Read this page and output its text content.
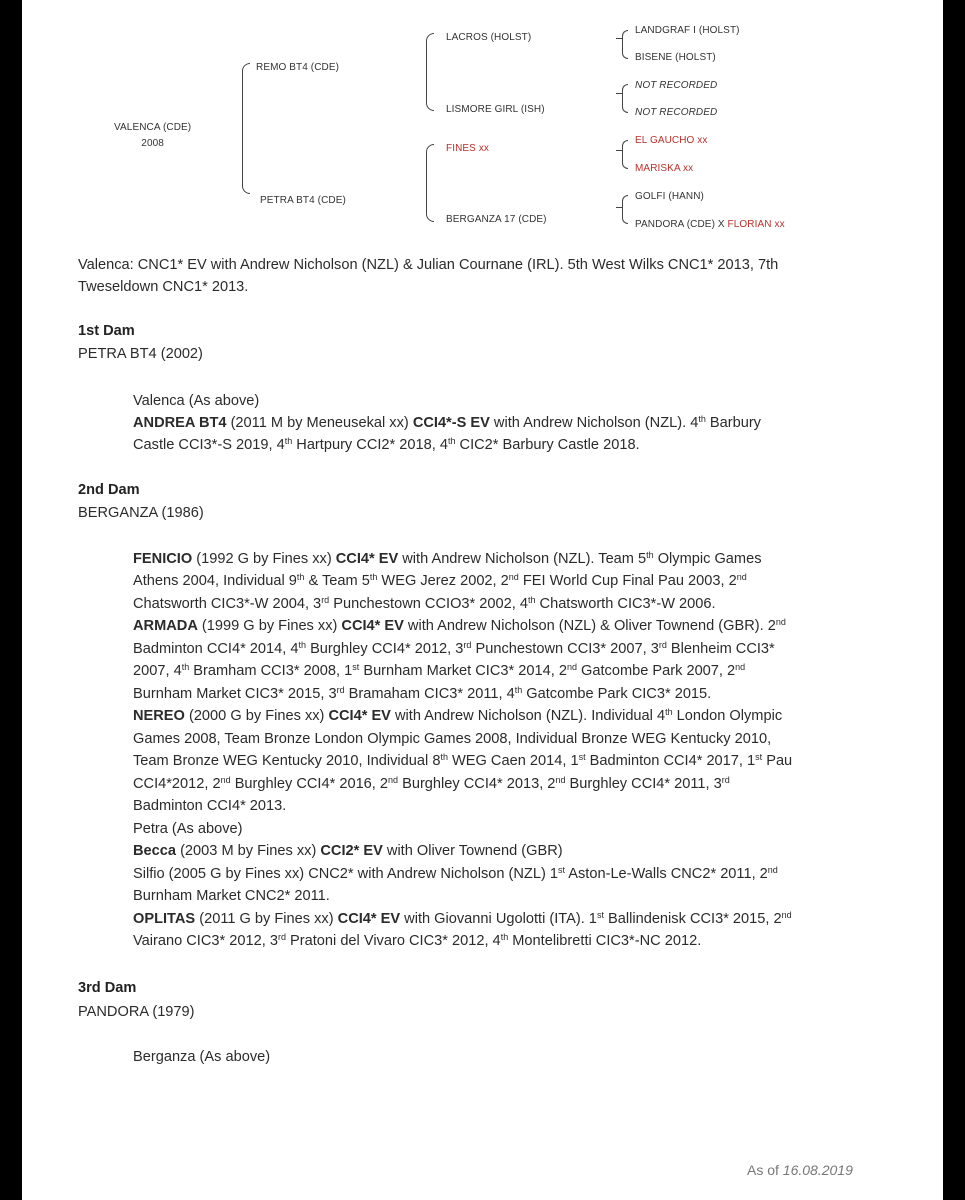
VALENCA (CDE)
2008
REMO BT4 (CDE)
PETRA BT4 (CDE)
LACROS (HOLST)
LISMORE GIRL (ISH)
FINES xx
BERGANZA 17 (CDE)
LANDGRAF I (HOLST)
BISENE (HOLST)
NOT RECORDED
NOT RECORDED
EL GAUCHO xx
MARISKA xx
GOLFI (HANN)
PANDORA (CDE) X FLORIAN xx
Valenca: CNC1* EV with Andrew Nicholson (NZL) & Julian Cournane (IRL). 5th West Wilks CNC1* 2013, 7th
Tweseldown CNC1* 2013.
1st Dam
PETRA BT4 (2002)
Valenca (As above)
ANDREA BT4 (2011 M by Meneusekal xx) CCI4*-S EV with Andrew Nicholson (NZL). 4th Barbury
Castle CCI3*-S 2019, 4th Hartpury CCI2* 2018, 4th CIC2* Barbury Castle 2018.
2nd Dam
BERGANZA (1986)
FENICIO (1992 G by Fines xx) CCI4* EV with Andrew Nicholson (NZL). Team 5th Olympic Games
Athens 2004, Individual 9th & Team 5th WEG Jerez 2002, 2nd FEI World Cup Final Pau 2003, 2nd
Chatsworth CIC3*-W 2004, 3rd Punchestown CCIO3* 2002, 4th Chatsworth CIC3*-W 2006.
ARMADA (1999 G by Fines xx) CCI4* EV with Andrew Nicholson (NZL) & Oliver Townend (GBR). 2nd
Badminton CCI4* 2014, 4th Burghley CCI4* 2012, 3rd Punchestown CCI3* 2007, 3rd Blenheim CCI3*
2007, 4th Bramham CCI3* 2008, 1st Burnham Market CIC3* 2014, 2nd Gatcombe Park 2007, 2nd
Burnham Market CIC3* 2015, 3rd Bramaham CIC3* 2011, 4th Gatcombe Park CIC3* 2015.
NEREO (2000 G by Fines xx) CCI4* EV with Andrew Nicholson (NZL). Individual 4th London Olympic
Games 2008, Team Bronze London Olympic Games 2008, Individual Bronze WEG Kentucky 2010,
Team Bronze WEG Kentucky 2010, Individual 8th WEG Caen 2014, 1st Badminton CCI4* 2017, 1st Pau
CCI4*2012, 2nd Burghley CCI4* 2016, 2nd Burghley CCI4* 2013, 2nd Burghley CCI4* 2011, 3rd
Badminton CCI4* 2013.
Petra (As above)
Becca (2003 M by Fines xx) CCI2* EV with Oliver Townend (GBR)
Silfio (2005 G by Fines xx) CNC2* with Andrew Nicholson (NZL) 1st Aston-Le-Walls CNC2* 2011, 2nd
Burnham Market CNC2* 2011.
OPLITAS (2011 G by Fines xx) CCI4* EV with Giovanni Ugolotti (ITA). 1st Ballindenisk CCI3* 2015, 2nd
Vairano CIC3* 2012, 3rd Pratoni del Vivaro CIC3* 2012, 4th Montelibretti CIC3*-NC 2012.
3rd Dam
PANDORA (1979)
Berganza (As above)
As of 16.08.2019
